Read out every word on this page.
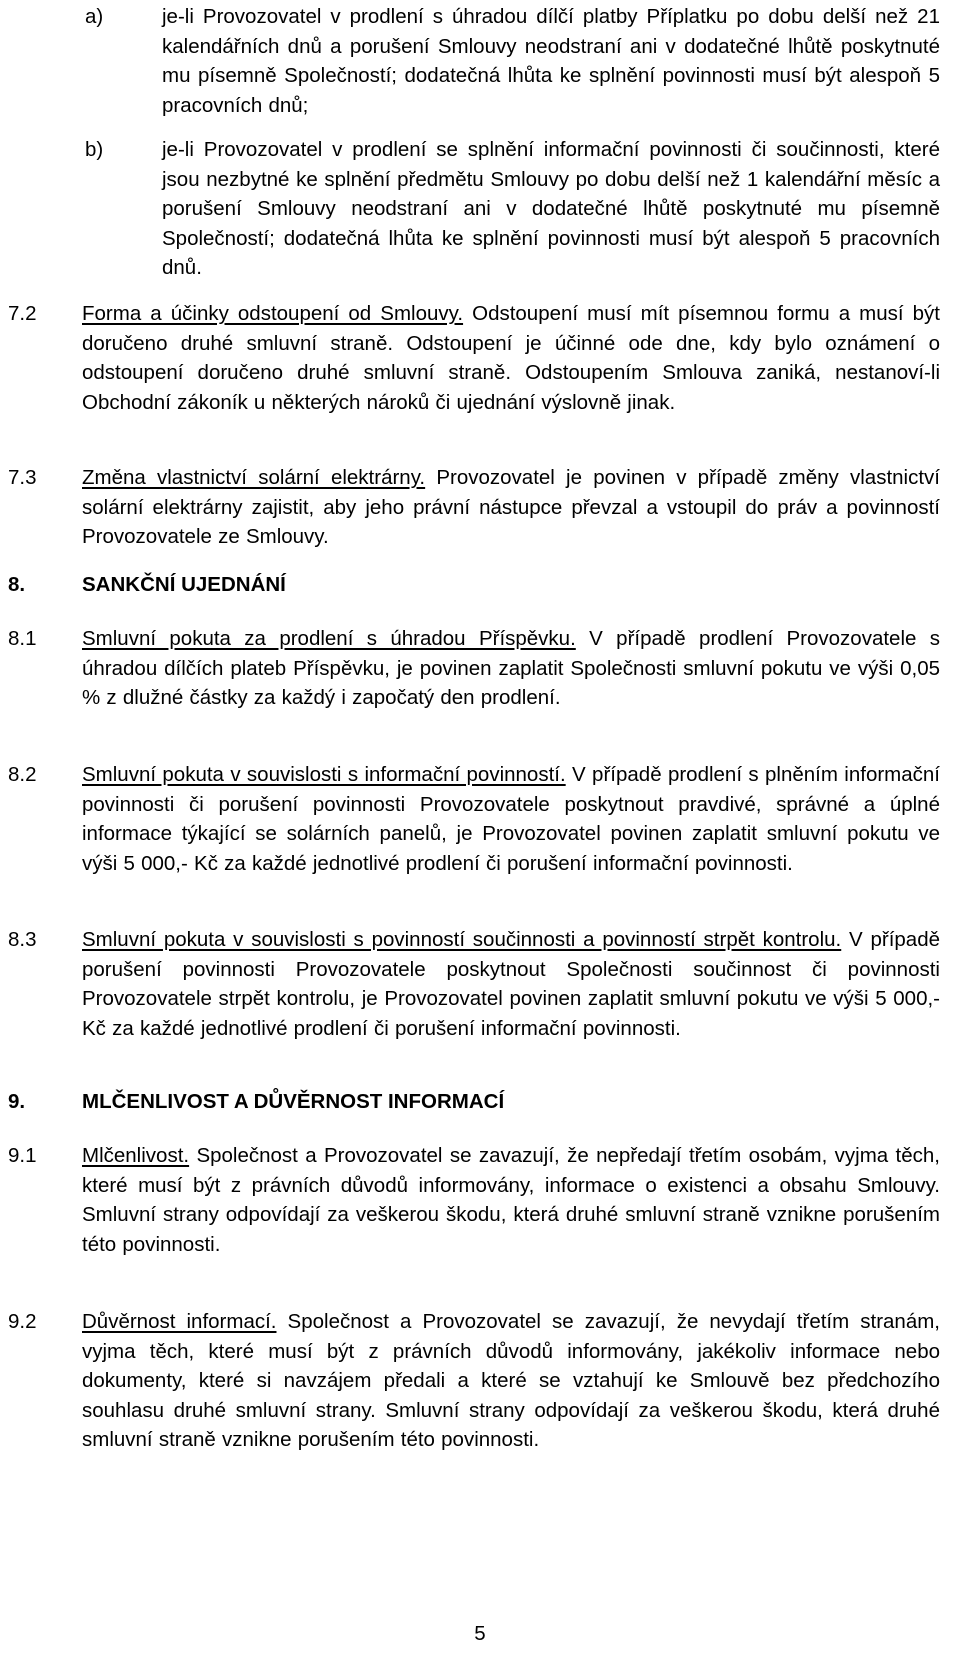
a)	je-li Provozovatel v prodlení s úhradou dílčí platby Příplatku po dobu delší než 21 kalendářních dnů a porušení Smlouvy neodstraní ani v dodatečné lhůtě poskytnuté mu písemně Společností; dodatečná lhůta ke splnění povinnosti musí být alespoň 5 pracovních dnů;
b)	je-li Provozovatel v prodlení se splnění informační povinnosti či součinnosti, které jsou nezbytné ke splnění předmětu Smlouvy po dobu delší než 1 kalendářní měsíc a porušení Smlouvy neodstraní ani v dodatečné lhůtě poskytnuté mu písemně Společností; dodatečná lhůta ke splnění povinnosti musí být alespoň 5 pracovních dnů.
7.2 Forma a účinky odstoupení od Smlouvy. Odstoupení musí mít písemnou formu a musí být doručeno druhé smluvní straně. Odstoupení je účinné ode dne, kdy bylo oznámení o odstoupení doručeno druhé smluvní straně. Odstoupením Smlouva zaniká, nestanoví-li Obchodní zákoník u některých nároků či ujednání výslovně jinak.
7.3 Změna vlastnictví solární elektrárny. Provozovatel je povinen v případě změny vlastnictví solární elektrárny zajistit, aby jeho právní nástupce převzal a vstoupil do práv a povinností Provozovatele ze Smlouvy.
8.	SANKČNÍ UJEDNÁNÍ
8.1 Smluvní pokuta za prodlení s úhradou Příspěvku. V případě prodlení Provozovatele s úhradou dílčích plateb Příspěvku, je povinen zaplatit Společnosti smluvní pokutu ve výši 0,05 % z dlužné částky za každý i započatý den prodlení.
8.2 Smluvní pokuta v souvislosti s informační povinností. V případě prodlení s plněním informační povinnosti či porušení povinnosti Provozovatele poskytnout pravdivé, správné a úplné informace týkající se solárních panelů, je Provozovatel povinen zaplatit smluvní pokutu ve výši 5 000,- Kč za každé jednotlivé prodlení či porušení informační povinnosti.
8.3 Smluvní pokuta v souvislosti s povinností součinnosti a povinností strpět kontrolu. V případě porušení povinnosti Provozovatele poskytnout Společnosti součinnost či povinnosti Provozovatele strpět kontrolu, je Provozovatel povinen zaplatit smluvní pokutu ve výši 5 000,- Kč za každé jednotlivé prodlení či porušení informační povinnosti.
9.	MLČENLIVOST A DŮVĚRNOST INFORMACÍ
9.1 Mlčenlivost. Společnost a Provozovatel se zavazují, že nepředají třetím osobám, vyjma těch, které musí být z právních důvodů informovány, informace o existenci a obsahu Smlouvy. Smluvní strany odpovídají za veškerou škodu, která druhé smluvní straně vznikne porušením této povinnosti.
9.2 Důvěrnost informací. Společnost a Provozovatel se zavazují, že nevydají třetím stranám, vyjma těch, které musí být z právních důvodů informovány, jakékoliv informace nebo dokumenty, které si navzájem předali a které se vztahují ke Smlouvě bez předchozího souhlasu druhé smluvní strany. Smluvní strany odpovídají za veškerou škodu, která druhé smluvní straně vznikne porušením této povinnosti.
5
